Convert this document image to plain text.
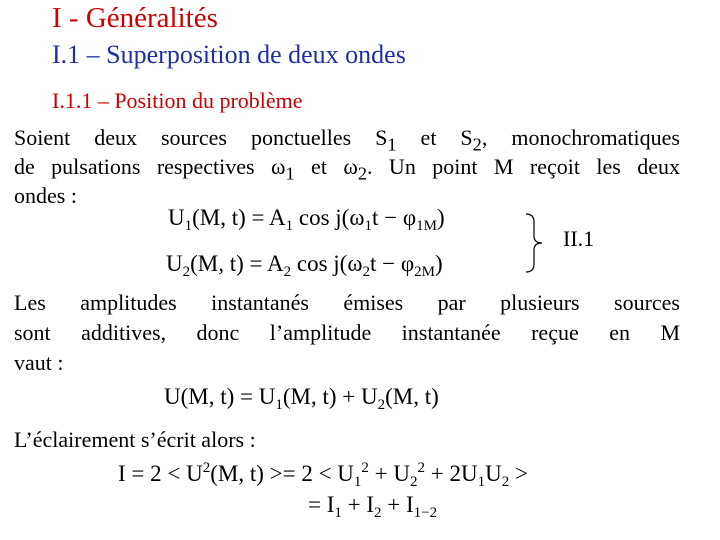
I - Généralités
I.1 – Superposition de deux ondes
I.1.1 – Position du problème
Soient deux sources ponctuelles $S_1$ et $S_2$, monochromatiques
de pulsations respectives $\omega_1$ et $\omega_2$. Un point M reçoit les deux
ondes :
$U_1(M$, $t) = A_1$ $\cos j(\omega_1t - \varphi_{1M})$
$U_2(M$, $t) = A_2$ $\cos j(\omega_2t - \varphi_{2M})$
II.1
Les amplitudes instantanés émises par plusieurs sources
sont additives, donc l’amplitude instantanée reçue en M
vaut :
U(M, $t) = U_1(M$, $t) + U_2(M$, t)
L’éclairement s’écrit alors :
$I = 2 < U^2(M$, $t) >= 2 < U_1^2 + U_2^2 + 2U_1U_2$ >
= $I_1 + I_2 + I_{1-2}$
